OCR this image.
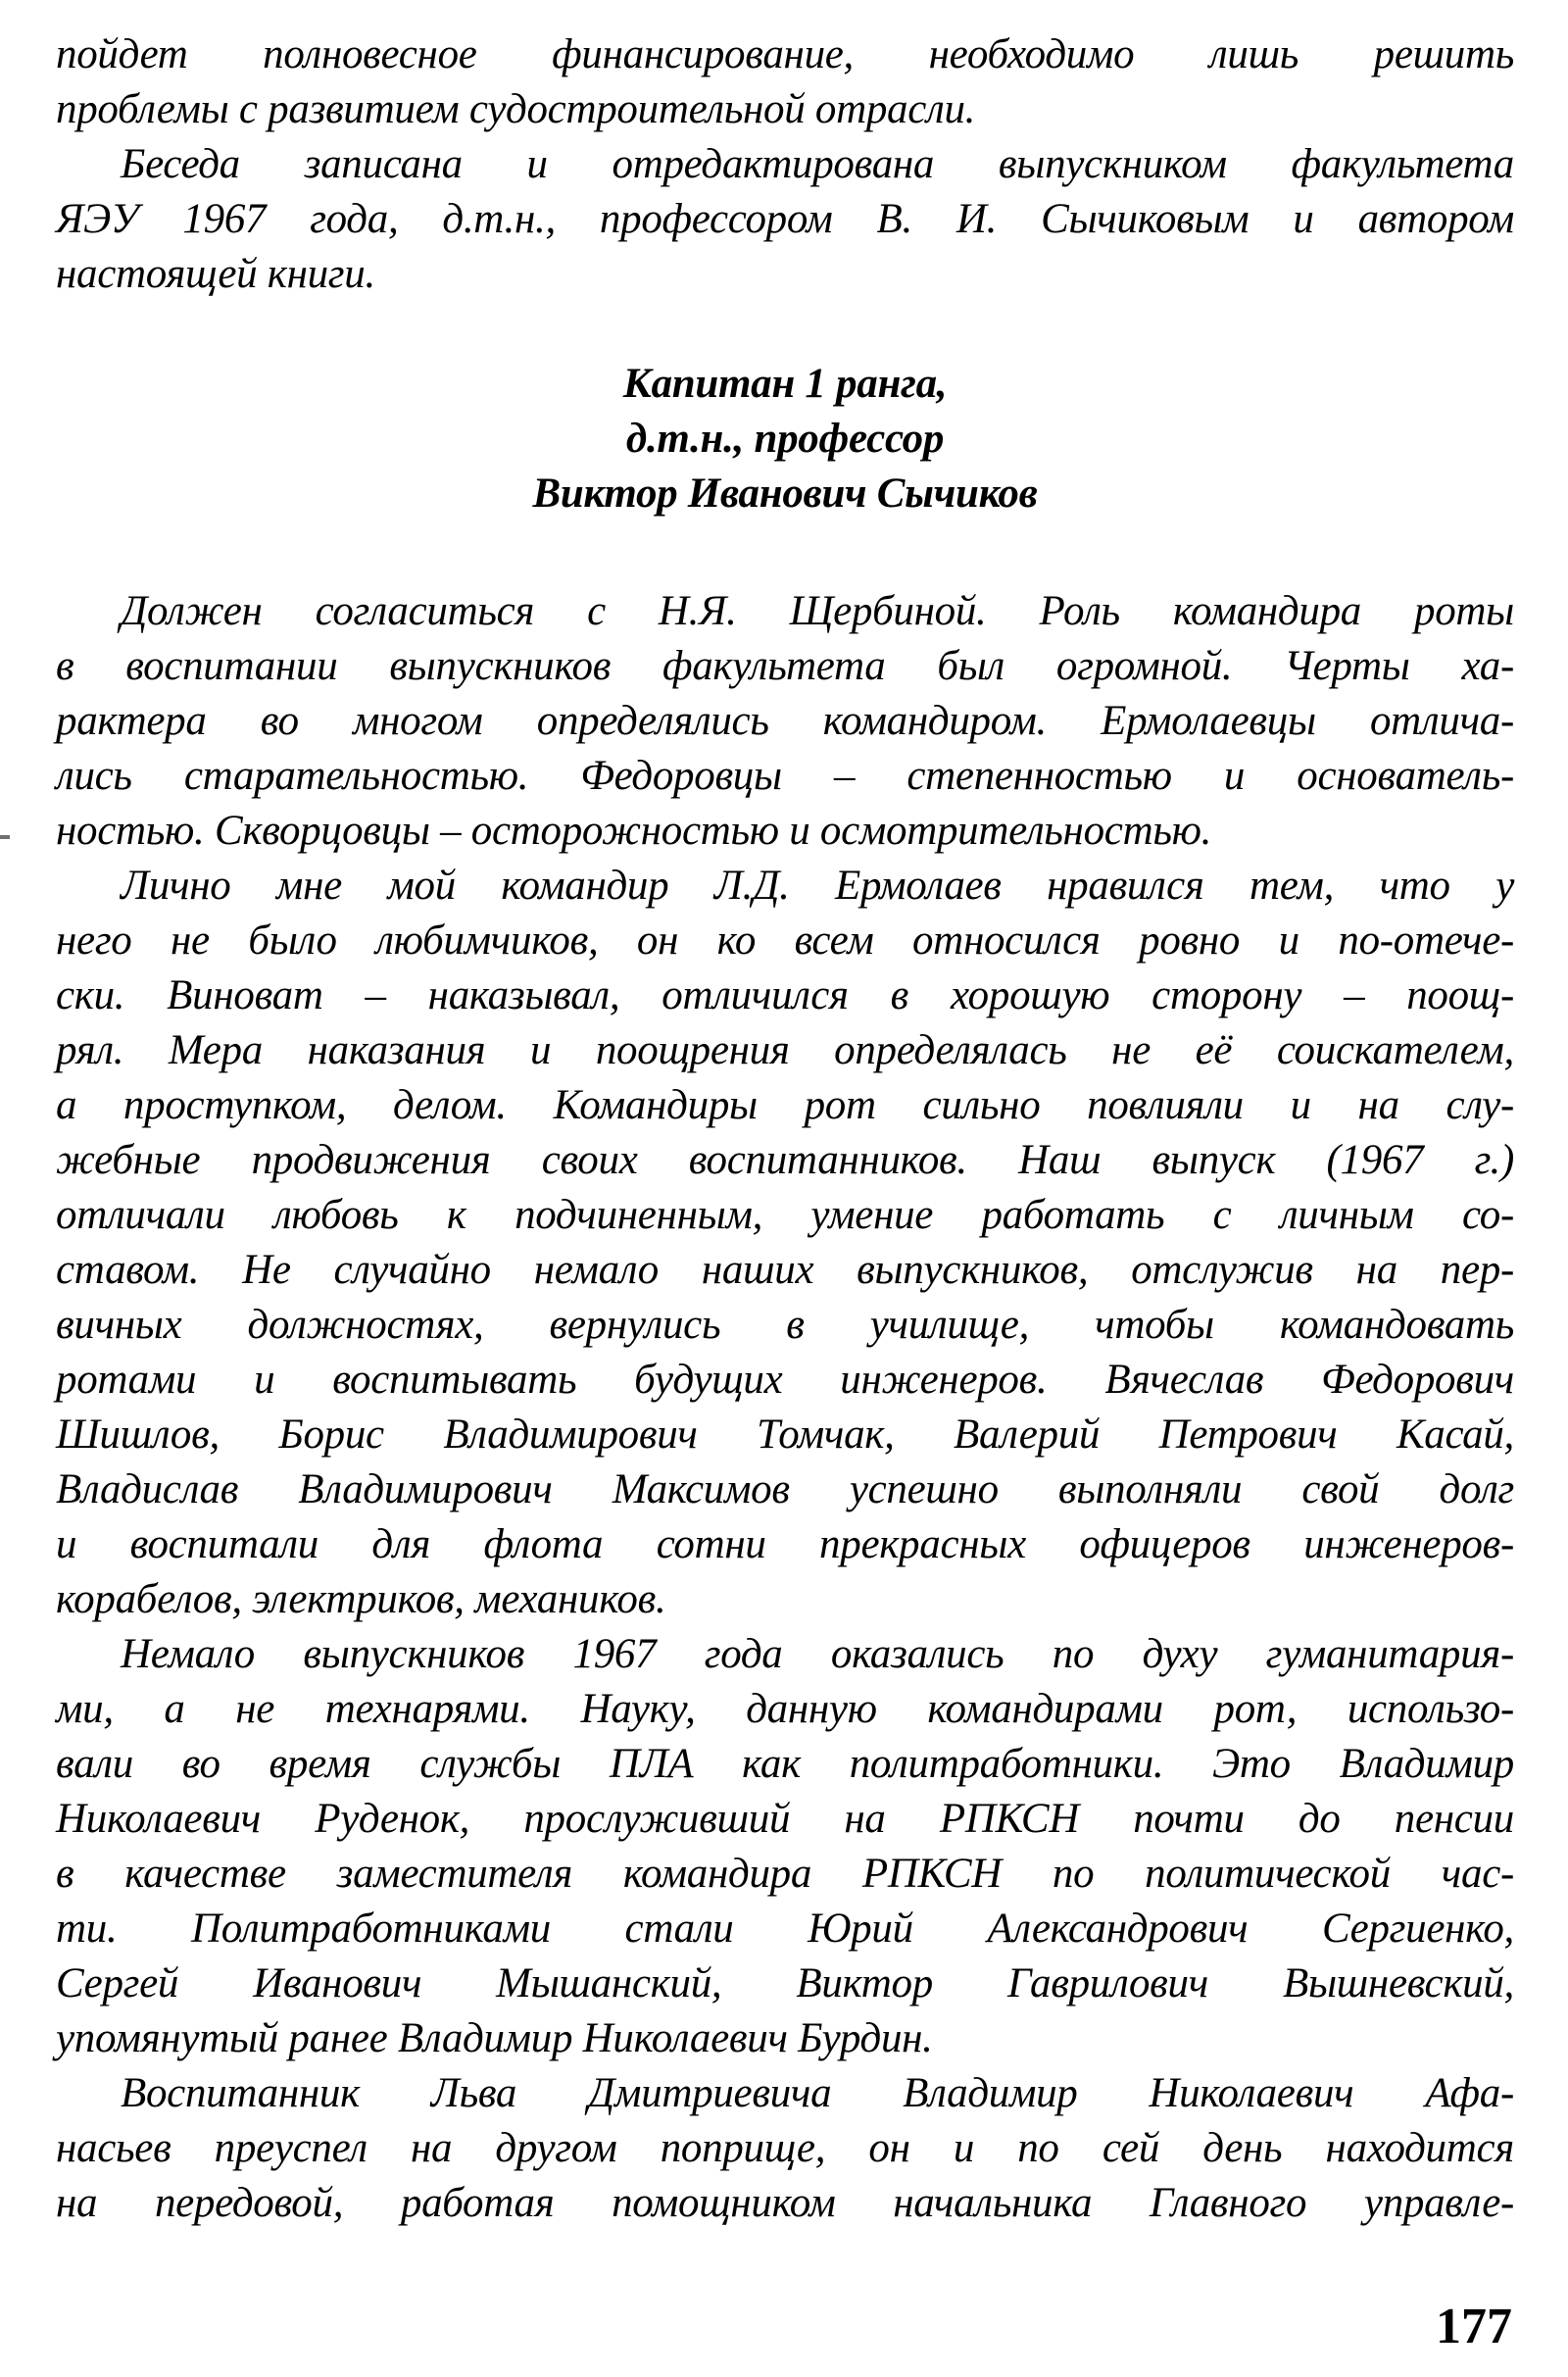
пойдет полновесное финансирование, необходимо лишь решить
проблемы с развитием судостроительной отрасли.
Беседа записана и отредактирована выпускником факультета
ЯЭУ 1967 года, д.т.н., профессором В. И. Сычиковым и автором
настоящей книги.
Капитан 1 ранга,
д.т.н., профессор
Виктор Иванович Сычиков
Должен согласиться с Н.Я. Щербиной. Роль командира роты
в воспитании выпускников факультета был огромной. Черты ха-
рактера во многом определялись командиром. Ермолаевцы отлича-
лись старательностью. Федоровцы – степенностью и основатель-
ностью. Скворцовцы – осторожностью и осмотрительностью.
Лично мне мой командир Л.Д. Ермолаев нравился тем, что у
него не было любимчиков, он ко всем относился ровно и по-отече-
ски. Виноват – наказывал, отличился в хорошую сторону – поощ-
рял. Мера наказания и поощрения определялась не её соискателем,
а проступком, делом. Командиры рот сильно повлияли и на слу-
жебные продвижения своих воспитанников. Наш выпуск (1967 г.)
отличали любовь к подчиненным, умение работать с личным со-
ставом. Не случайно немало наших выпускников, отслужив на пер-
вичных должностях, вернулись в училище, чтобы командовать
ротами и воспитывать будущих инженеров. Вячеслав Федорович
Шишлов, Борис Владимирович Томчак, Валерий Петрович Касай,
Владислав Владимирович Максимов успешно выполняли свой долг
и воспитали для флота сотни прекрасных офицеров инженеров-
корабелов, электриков, механиков.
Немало выпускников 1967 года оказались по духу гуманитария-
ми, а не технарями. Науку, данную командирами рот, использо-
вали во время службы ПЛА как политработники. Это Владимир
Николаевич Руденок, прослуживший на РПКСН почти до пенсии
в качестве заместителя командира РПКСН по политической час-
ти. Политработниками стали Юрий Александрович Сергиенко,
Сергей Иванович Мышанский, Виктор Гаврилович Вышневский,
упомянутый ранее Владимир Николаевич Бурдин.
Воспитанник Льва Дмитриевича Владимир Николаевич Афа-
насьев преуспел на другом поприще, он и по сей день находится
на передовой, работая помощником начальника Главного управле-
177
